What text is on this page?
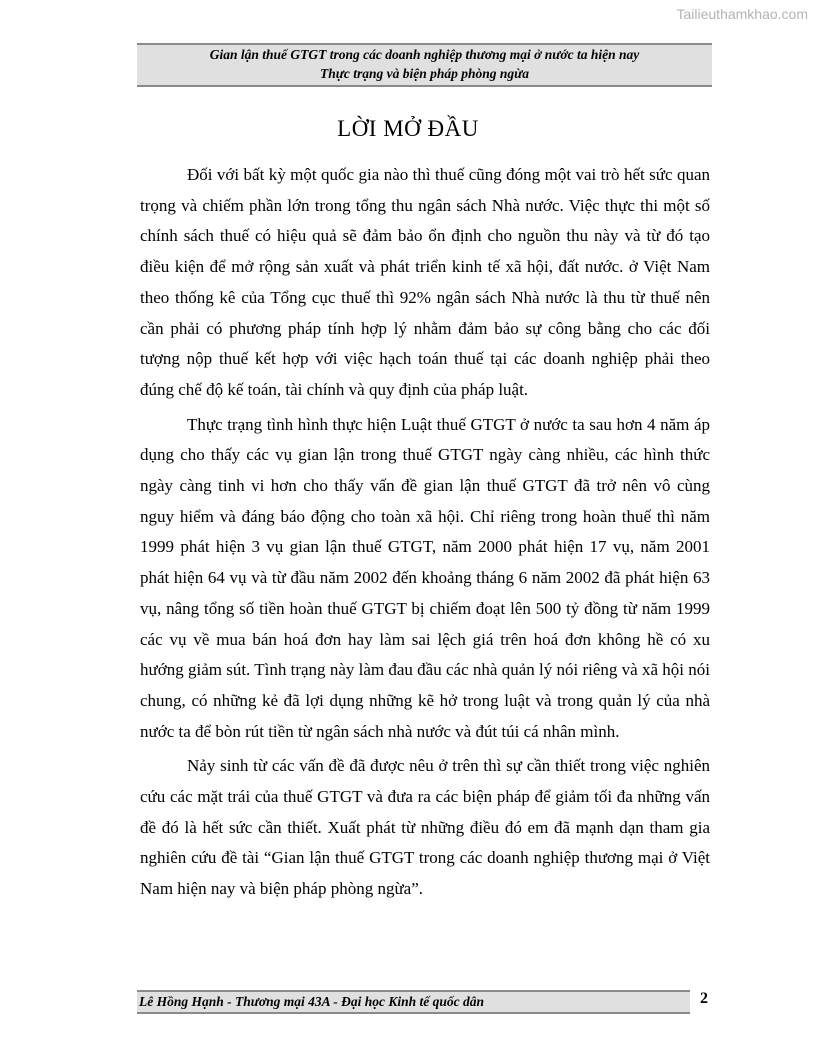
Tailieuthamkhao.com
Gian lận thuế GTGT trong các doanh nghiệp thương mại ở nước ta hiện nay
Thực trạng và biện pháp phòng ngừa
LỜI MỞ ĐẦU

Đối với bất kỳ một quốc gia nào thì thuế cũng đóng một vai trò hết sức quan trọng và chiếm phần lớn trong tổng thu ngân sách Nhà nước. Việc thực thi một số chính sách thuế có hiệu quả sẽ đảm bảo ổn định cho nguồn thu này và từ đó tạo điều kiện để mở rộng sản xuất và phát triển kinh tế xã hội, đất nước. ở Việt Nam theo thống kê của Tổng cục thuế thì 92% ngân sách Nhà nước là thu từ thuế nên cần phải có phương pháp tính hợp lý nhằm đảm bảo sự công bằng cho các đối tượng nộp thuế kết hợp với việc hạch toán thuế tại các doanh nghiệp phải theo đúng chế độ kế toán, tài chính và quy định của pháp luật.

Thực trạng tình hình thực hiện Luật thuế GTGT ở nước ta sau hơn 4 năm áp dụng cho thấy các vụ gian lận trong thuế GTGT ngày càng nhiều, các hình thức ngày càng tinh vi hơn cho thấy vấn đề gian lận thuế GTGT đã trở nên vô cùng nguy hiểm và đáng báo động cho toàn xã hội. Chỉ riêng trong hoàn thuế thì năm 1999 phát hiện 3 vụ gian lận thuế GTGT, năm 2000 phát hiện 17 vụ, năm 2001 phát hiện 64 vụ và từ đầu năm 2002 đến khoảng tháng 6 năm 2002 đã phát hiện 63 vụ, nâng tổng số tiền hoàn thuế GTGT bị chiếm đoạt lên 500 tỷ đồng từ năm 1999 các vụ về mua bán hoá đơn hay làm sai lệch giá trên hoá đơn không hề có xu hướng giảm sút. Tình trạng này làm đau đầu các nhà quản lý nói riêng và xã hội nói chung, có những kẻ đã lợi dụng những kẽ hở trong luật và trong quản lý của nhà nước ta để bòn rút tiền từ ngân sách nhà nước và đút túi cá nhân mình.

Nảy sinh từ các vấn đề đã được nêu ở trên thì sự cần thiết trong việc nghiên cứu các mặt trái của thuế GTGT và đưa ra các biện pháp để giảm tối đa những vấn đề đó là hết sức cần thiết. Xuất phát từ những điều đó em đã mạnh dạn tham gia nghiên cứu đề tài “Gian lận thuế GTGT trong các doanh nghiệp thương mại ở Việt Nam hiện nay và biện pháp phòng ngừa”.

Lê Hồng Hạnh - Thương mại 43A - Đại học Kinh tế quốc dân	2
